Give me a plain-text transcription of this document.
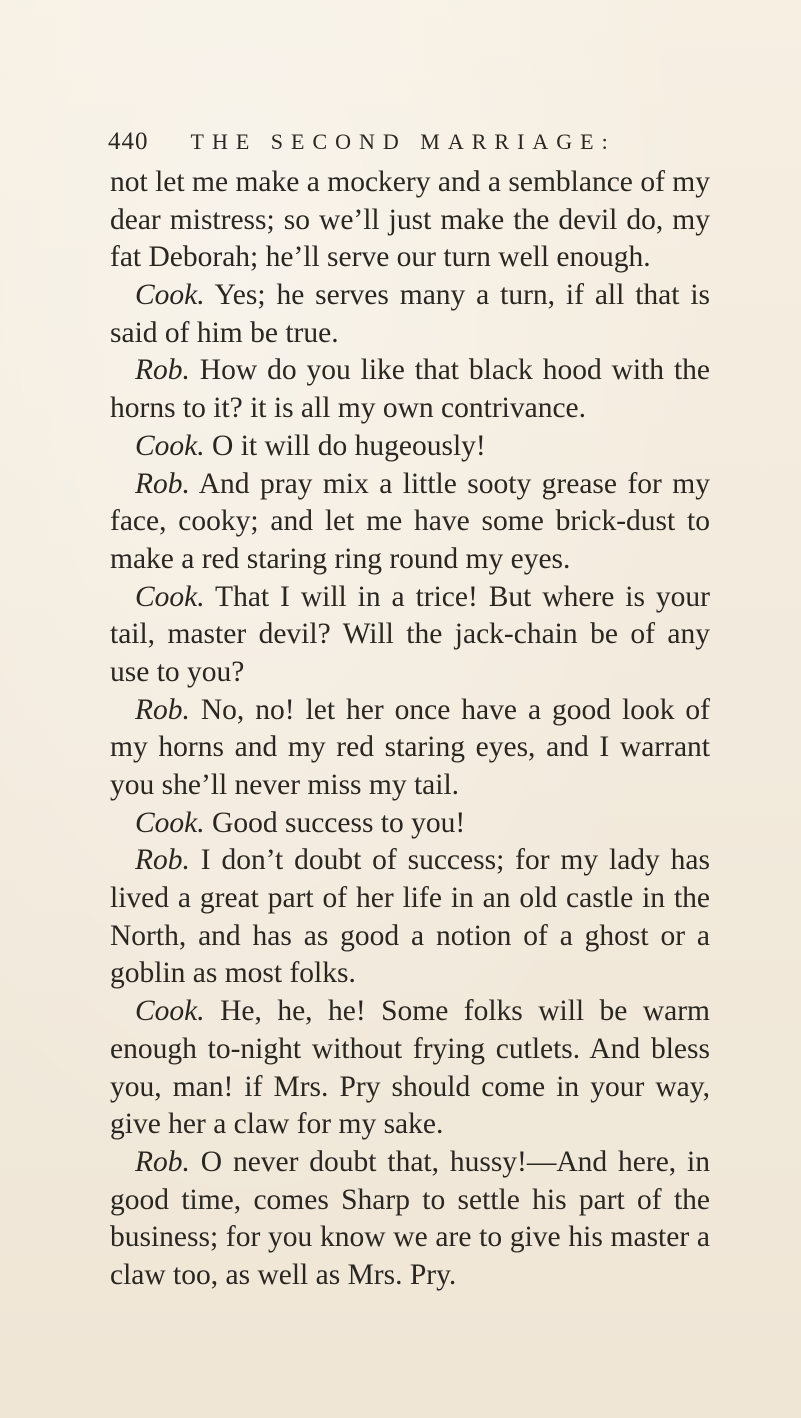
440 THE SECOND MARRIAGE:
not let me make a mockery and a semblance of my
dear mistress; so we’ll just make the devil do, my
fat Deborah; he’ll serve our turn well enough.
Cook. Yes; he serves many a turn, if all that is
said of him be true.
Rob. How do you like that black hood with the
horns to it? it is all my own contrivance.
Cook. O it will do hugeously!
Rob. And pray mix a little sooty grease for my
face, cooky; and let me have some brick-dust to
make a red staring ring round my eyes.
Cook. That I will in a trice! But where is your
tail, master devil? Will the jack-chain be of any
use to you?
Rob. No, no! let her once have a good look of
my horns and my red staring eyes, and I warrant
you she’ll never miss my tail.
Cook. Good success to you!
Rob. I don’t doubt of success; for my lady has
lived a great part of her life in an old castle in the
North, and has as good a notion of a ghost or a
goblin as most folks.
Cook. He, he, he! Some folks will be warm
enough to-night without frying cutlets. And bless
you, man! if Mrs. Pry should come in your way,
give her a claw for my sake.
Rob. O never doubt that, hussy!—And here, in
good time, comes Sharp to settle his part of the
business; for you know we are to give his master a
claw too, as well as Mrs. Pry.
